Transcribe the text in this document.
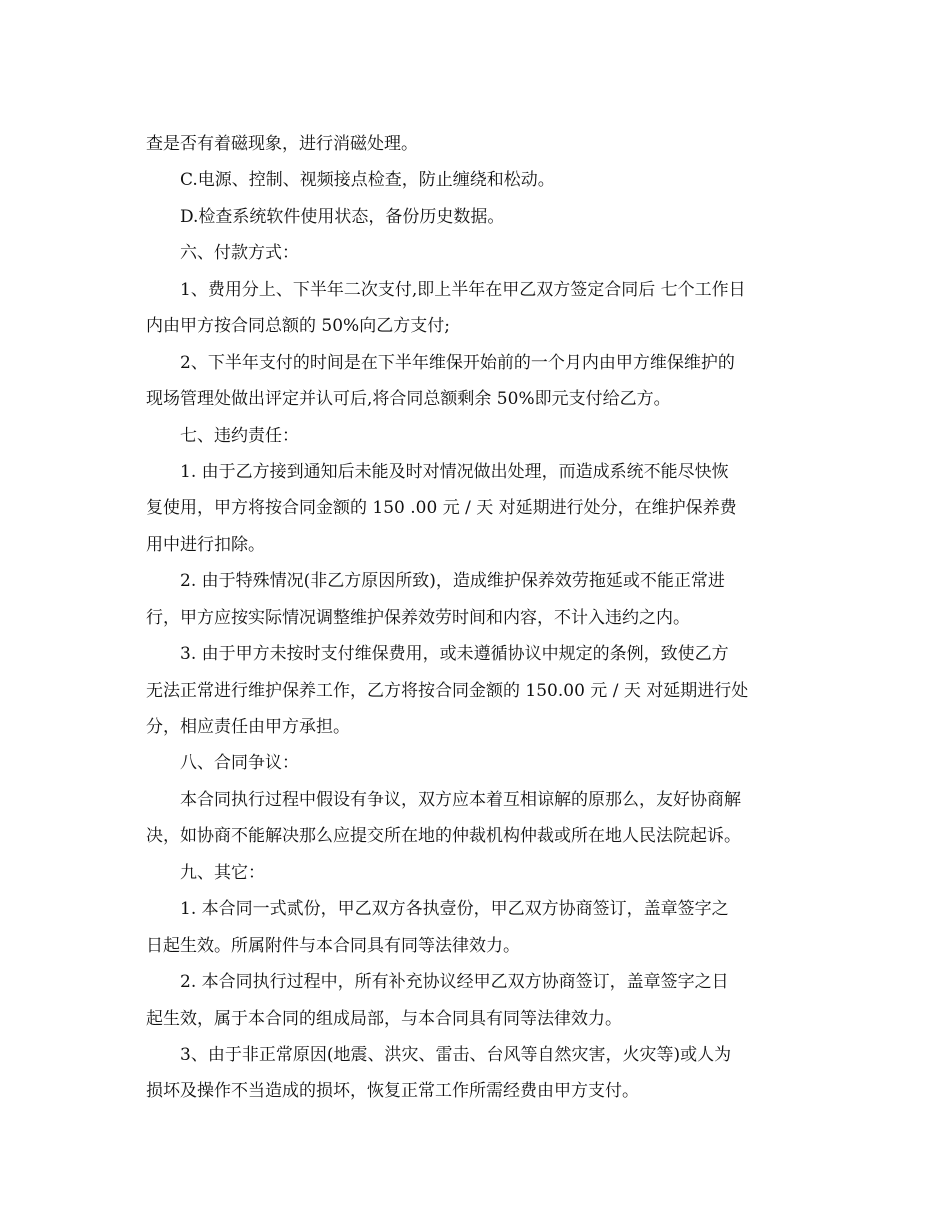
查是否有着磁现象，进行消磁处理。
C.电源、控制、视频接点检查，防止缠绕和松动。
D.检查系统软件使用状态，备份历史数据。
六、付款方式：
1、费用分上、下半年二次支付,即上半年在甲乙双方签定合同后 七个工作日
内由甲方按合同总额的 50%向乙方支付;
2、下半年支付的时间是在下半年维保开始前的一个月内由甲方维保维护的
现场管理处做出评定并认可后,将合同总额剩余 50%即元支付给乙方。
七、违约责任：
1. 由于乙方接到通知后未能及时对情况做出处理，而造成系统不能尽快恢
复使用，甲方将按合同金额的 150 .00 元 / 天 对延期进行处分，在维护保养费
用中进行扣除。
2. 由于特殊情况(非乙方原因所致)，造成维护保养效劳拖延或不能正常进
行，甲方应按实际情况调整维护保养效劳时间和内容，不计入违约之内。
3. 由于甲方未按时支付维保费用，或未遵循协议中规定的条例，致使乙方
无法正常进行维护保养工作，乙方将按合同金额的 150.00 元 / 天 对延期进行处
分，相应责任由甲方承担。
八、合同争议：
本合同执行过程中假设有争议，双方应本着互相谅解的原那么，友好协商解
决，如协商不能解决那么应提交所在地的仲裁机构仲裁或所在地人民法院起诉。
九、其它：
1. 本合同一式贰份，甲乙双方各执壹份，甲乙双方协商签订，盖章签字之
日起生效。所属附件与本合同具有同等法律效力。
2. 本合同执行过程中，所有补充协议经甲乙双方协商签订，盖章签字之日
起生效，属于本合同的组成局部，与本合同具有同等法律效力。
3、由于非正常原因(地震、洪灾、雷击、台风等自然灾害，火灾等)或人为
损坏及操作不当造成的损坏，恢复正常工作所需经费由甲方支付。
